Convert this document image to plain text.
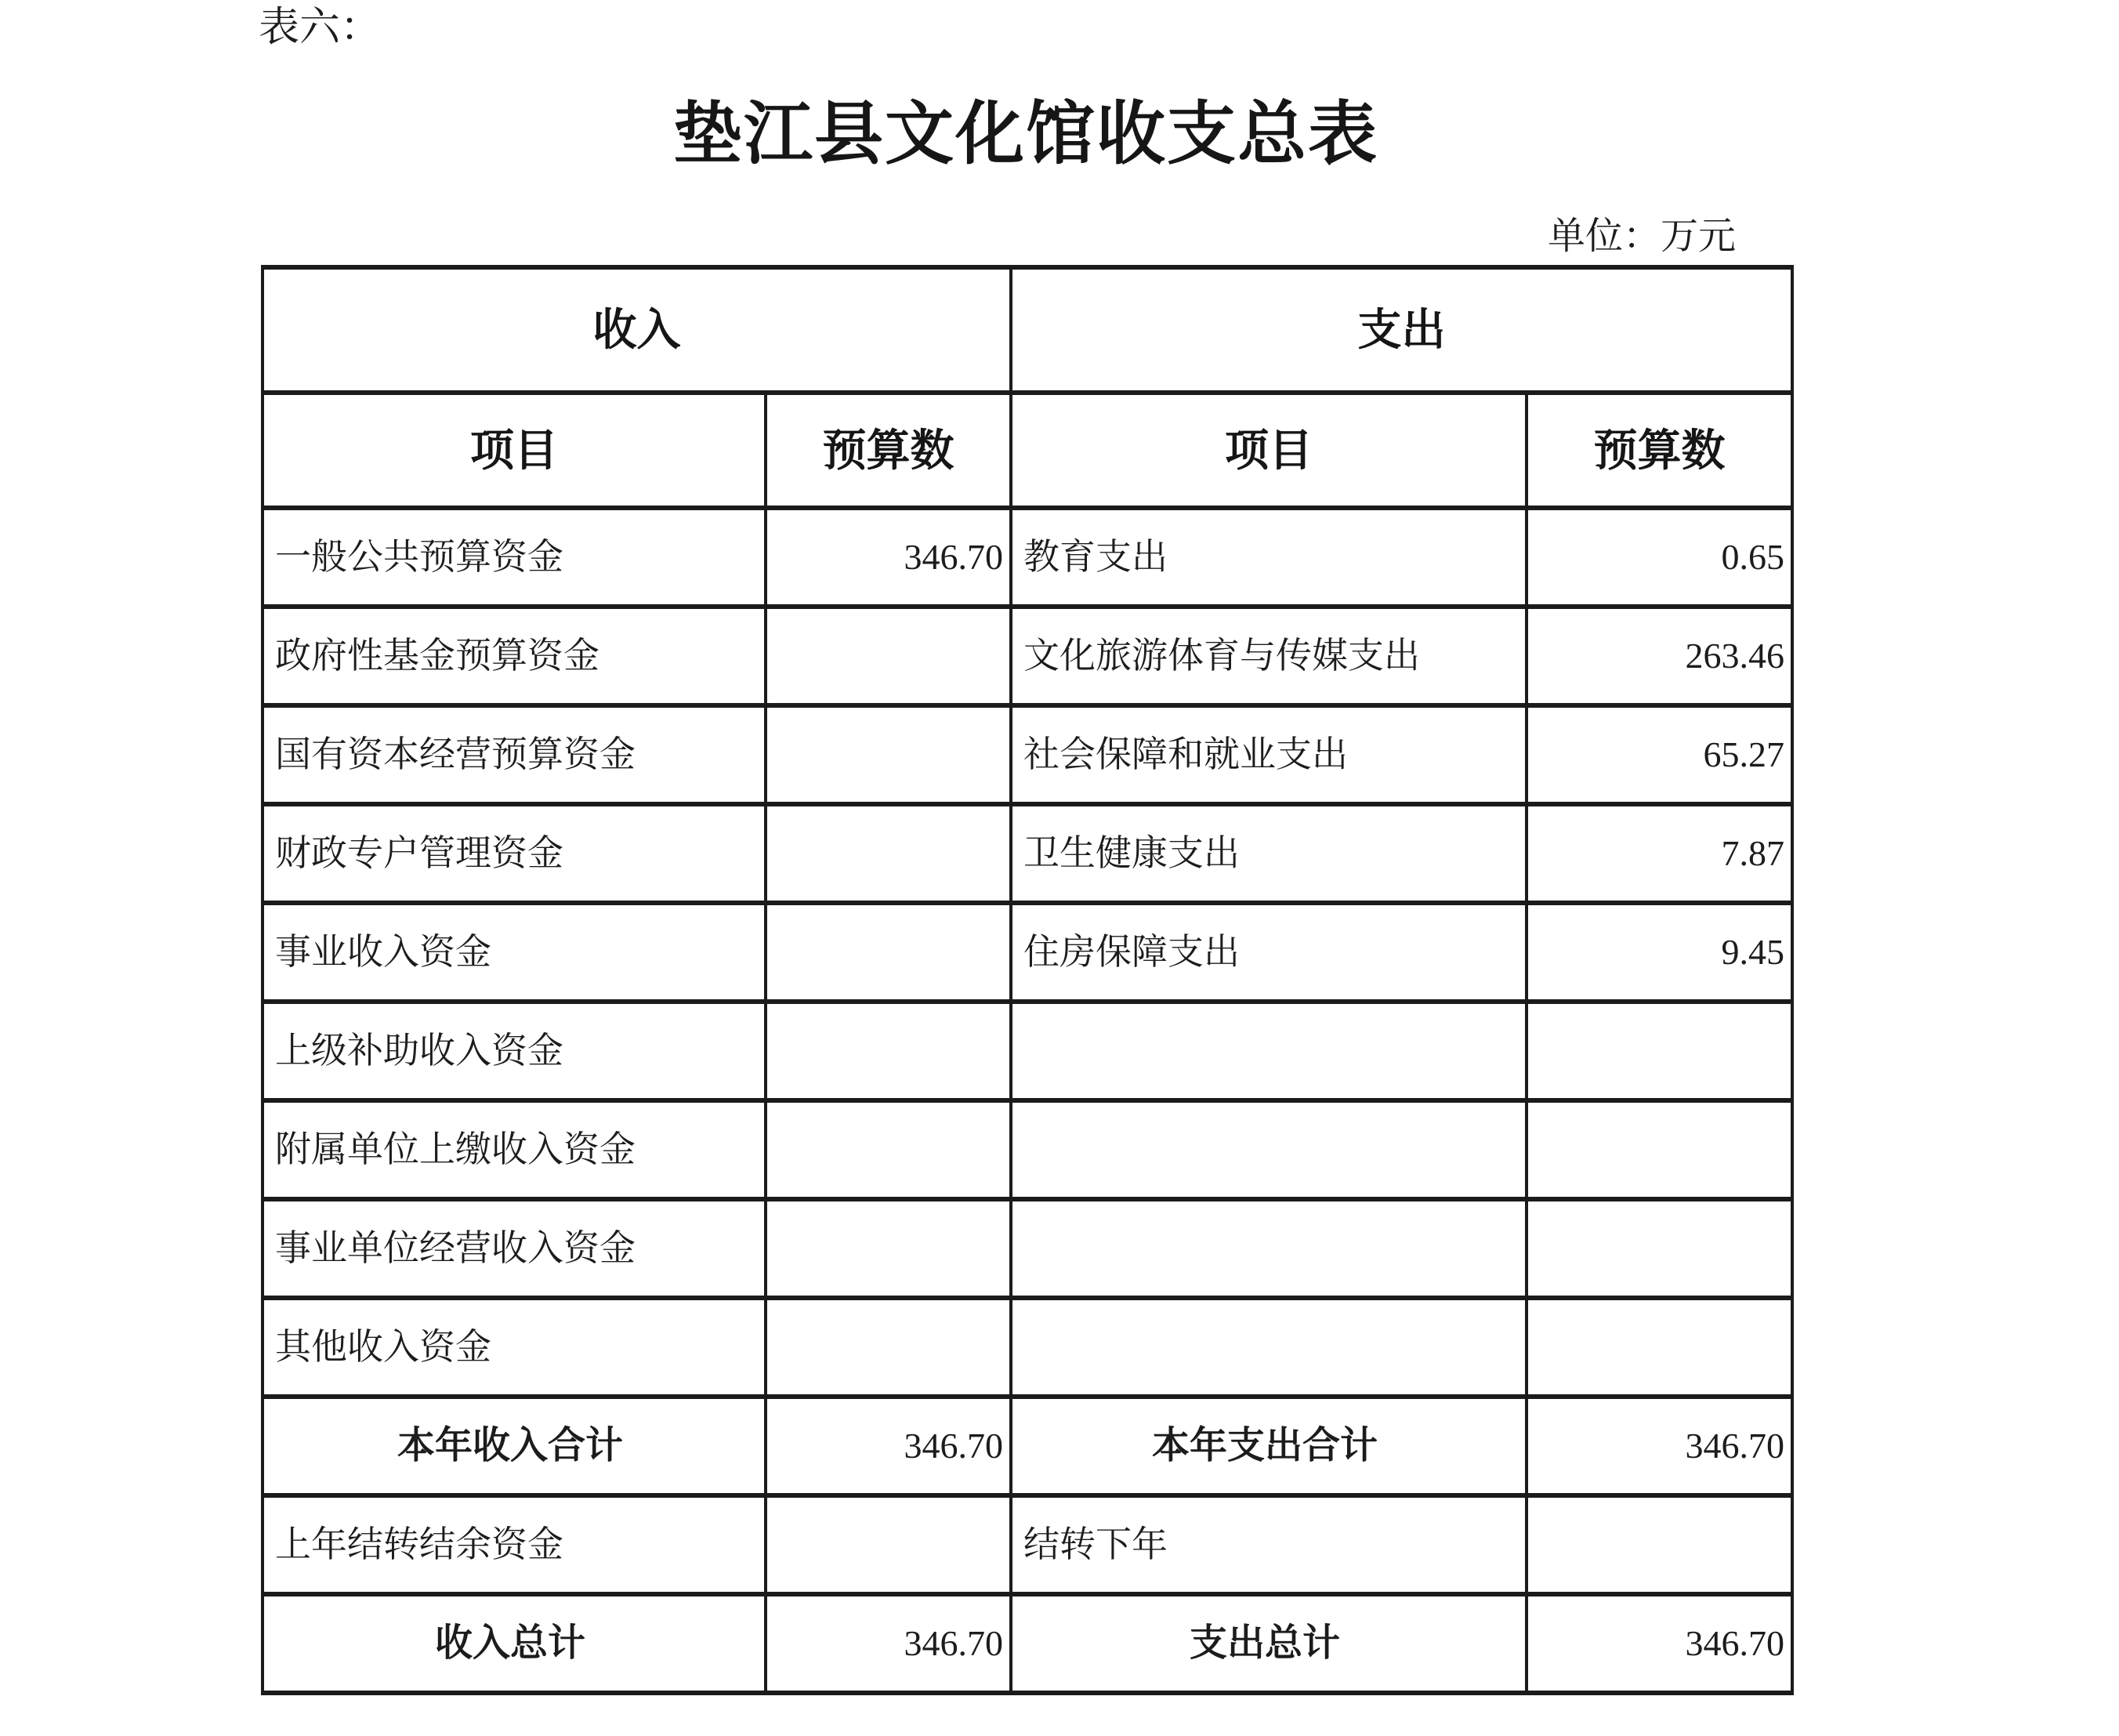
表六：
垫江县文化馆收支总表
单位：万元
收入		支出	
项目	预算数	项目	预算数
一般公共预算资金	346.70	教育支出	0.65
政府性基金预算资金		文化旅游体育与传媒支出	263.46
国有资本经营预算资金		社会保障和就业支出	65.27
财政专户管理资金		卫生健康支出	7.87
事业收入资金		住房保障支出	9.45
上级补助收入资金			
附属单位上缴收入资金			
事业单位经营收入资金			
其他收入资金			
本年收入合计	346.70	本年支出合计	346.70
上年结转结余资金		结转下年	
收入总计	346.70	支出总计	346.70
